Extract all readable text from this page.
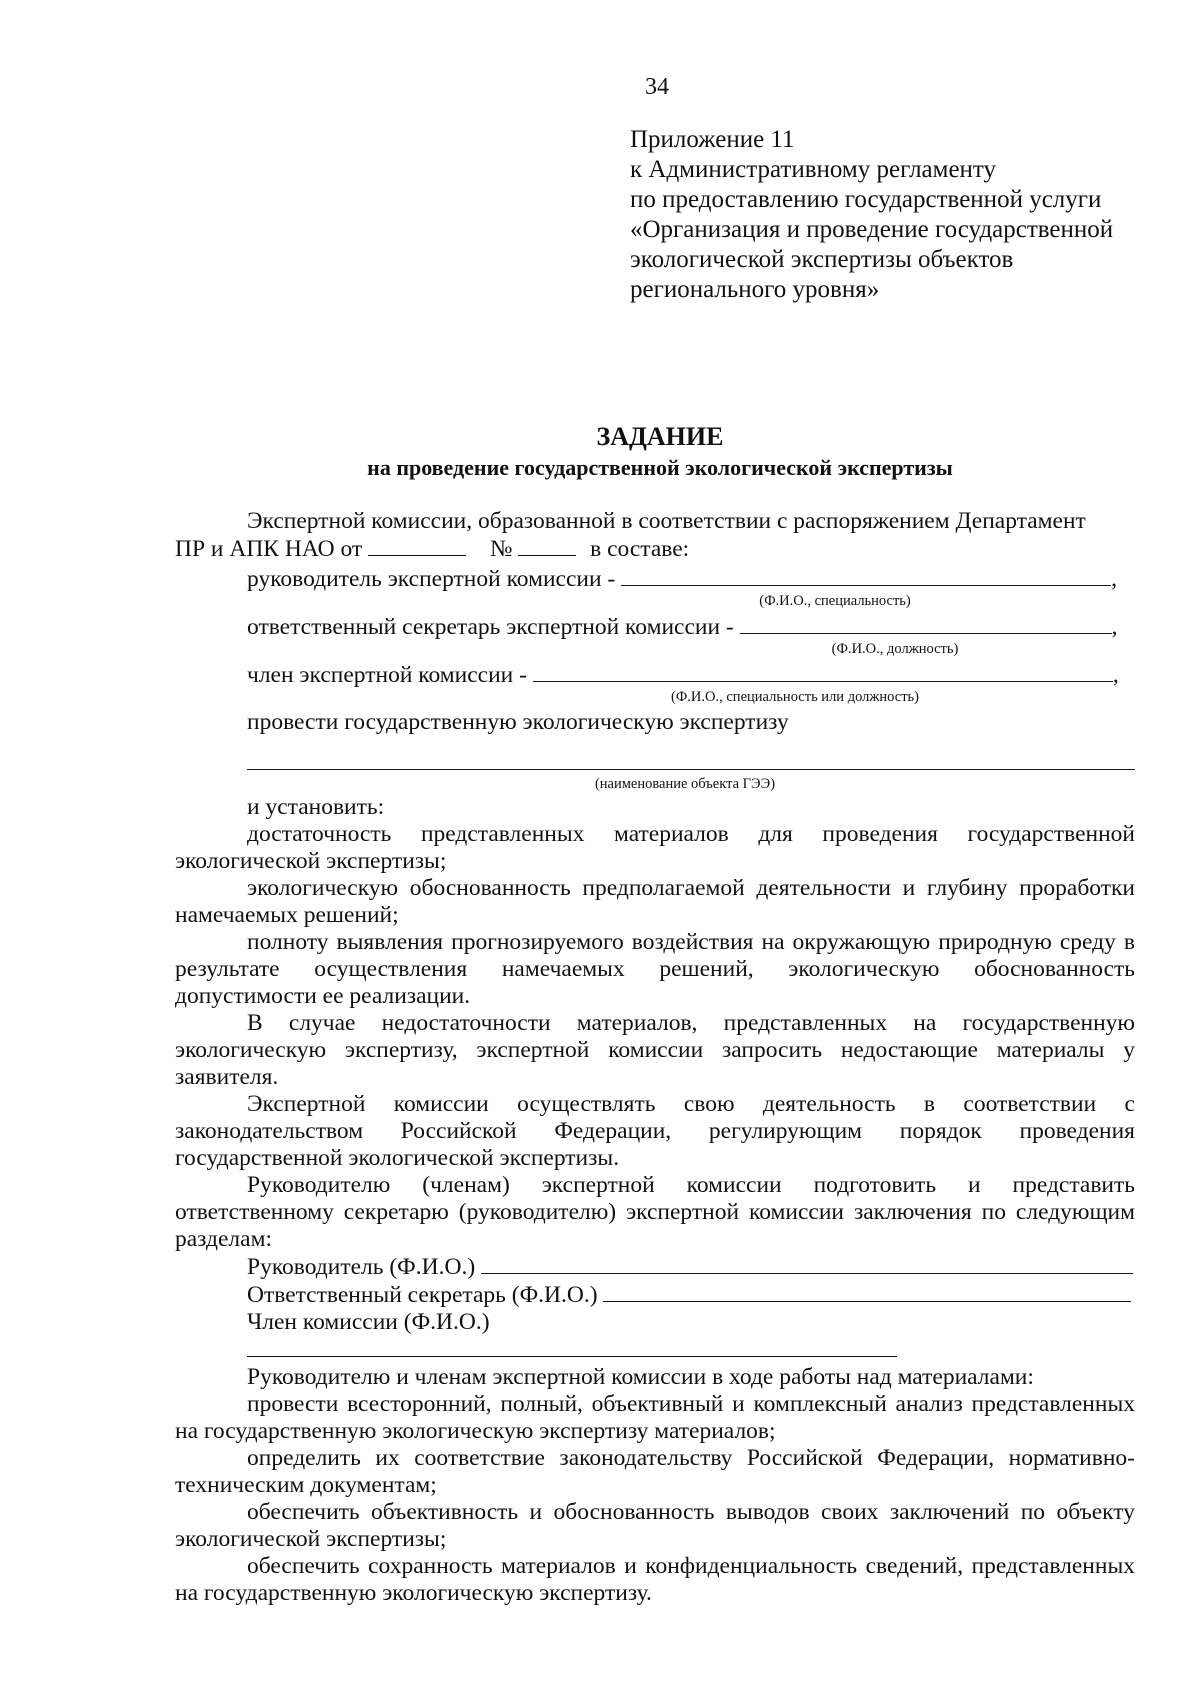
34
Приложение 11
к Административному регламенту
по предоставлению государственной услуги
«Организация и проведение государственной
экологической экспертизы объектов
регионального уровня»
ЗАДАНИЕ
на проведение государственной экологической экспертизы

Экспертной комиссии, образованной в соответствии с распоряжением Департамент

ПР и АПК НАО от	№	в составе:

руководитель экспертной комиссии -	,

(Ф.И.О., специальность)

ответственный секретарь экспертной комиссии -	,

(Ф.И.О., должность)

член экспертной комиссии -	,

(Ф.И.О., специальность или должность)

провести государственную экологическую экспертизу

(наименование объекта ГЭЭ)

и установить:

достаточность представленных материалов для проведения государственной экологической экспертизы;

экологическую обоснованность предполагаемой деятельности и глубину проработки намечаемых решений;

полноту выявления прогнозируемого воздействия на окружающую природную среду в результате осуществления намечаемых решений, экологическую обоснованность допустимости ее реализации.

В случае недостаточности материалов, представленных на государственную экологическую экспертизу, экспертной комиссии запросить недостающие материалы у заявителя.

Экспертной комиссии осуществлять свою деятельность в соответствии с законодательством Российской Федерации, регулирующим порядок проведения государственной экологической экспертизы.

Руководителю (членам) экспертной комиссии подготовить и представить ответственному секретарю (руководителю) экспертной комиссии заключения по следующим разделам:

Руководитель (Ф.И.О.)

Ответственный секретарь (Ф.И.О.)

Член комиссии (Ф.И.О.)

Руководителю и членам экспертной комиссии в ходе работы над материалами:

провести всесторонний, полный, объективный и комплексный анализ представленных на государственную экологическую экспертизу материалов;

определить их соответствие законодательству Российской Федерации, нормативно-техническим документам;

обеспечить объективность и обоснованность выводов своих заключений по объекту экологической экспертизы;

обеспечить сохранность материалов и конфиденциальность сведений, представленных на государственную экологическую экспертизу.
